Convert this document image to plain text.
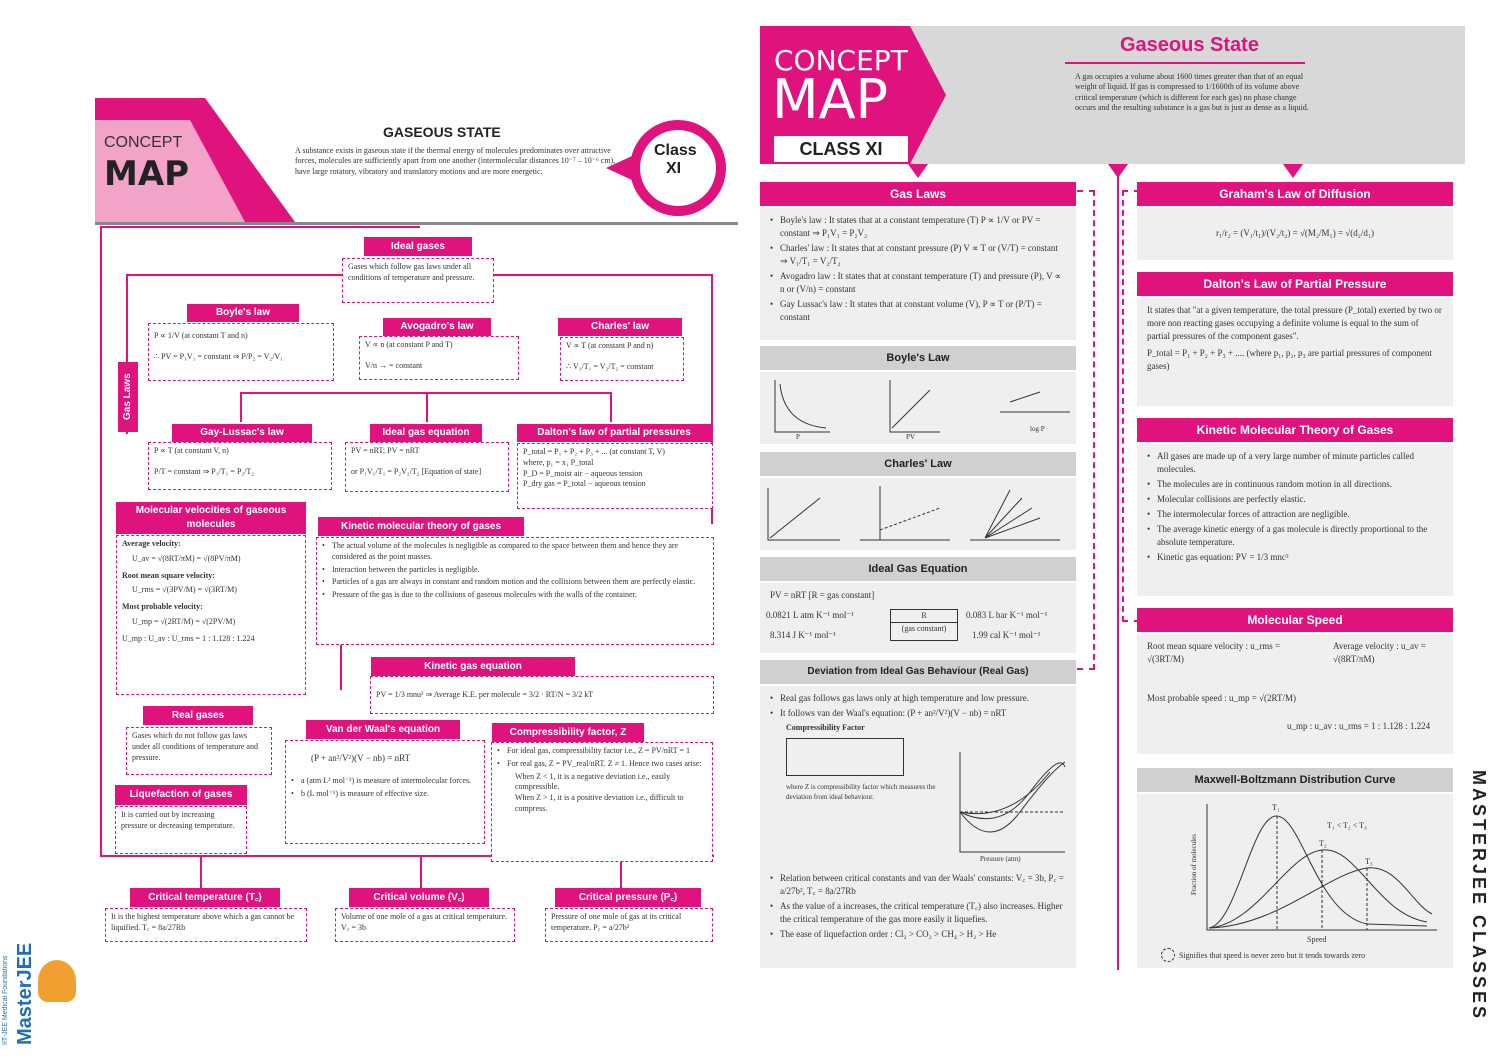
CONCEPT
MAP
GASEOUS STATE
A substance exists in gaseous state if the thermal energy of molecules predominates over attractive forces, molecules are sufficiently apart from one another (intermolecular distances 10⁻⁷ – 10⁻⁶ cm), have large rotatory, vibratory and translatory motions and are more energetic.
Class
XI
Gas Laws
Ideal gases
Gases which follow gas laws under all conditions of temperature and pressure.
Boyle's law
P ∝ 1/V (at constant T and n)
∴ PV = P₁V₁ = constant ⇒ P/P₂ = V₂/V₁
Avogadro's law
V ∝ n (at constant P and T)
V/n → = constant
Charles' law
V ∝ T (at constant P and n)
∴ V₁/T₁ = V₂/T₂ = constant
Gay-Lussac's law
P ∝ T (at constant V, n)
P/T = constant ⇒ P₁/T₁ = P₂/T₂
Ideal gas equation
PV = nRT; PV = nRT
or P₁V₁/T₁ = P₂V₂/T₂ [Equation of state]
Dalton's law of partial pressures
P_total = P₁ + P₂ + P₃ + ... (at constant T, V)
where, p₁ = x₁ P_total
P_D = P_moist air − aqueous tension
P_dry gas = P_total − aqueous tension
Molecular velocities of gaseous molecules
Average velocity:
U_av = √(8RT/πM) = √(8PV/πM)
Root mean square velocity:
U_rms = √(3PV/M) = √(3RT/M)
Most probable velocity:
U_mp = √(2RT/M) = √(2PV/M)
U_mp : U_av : U_rms = 1 : 1.128 : 1.224
Kinetic molecular theory of gases
• The actual volume of the molecules is negligible as compared to the space between them and hence they are considered as the point masses.
• Interaction between the particles is negligible.
• Particles of a gas are always in constant and random motion and the collisions between them are perfectly elastic.
• Pressure of the gas is due to the collisions of gaseous molecules with the walls of the container.
Kinetic gas equation
PV = 1/3 mnu² ⇒ Average K.E. per molecule = 3/2 · RT/N = 3/2 kT
Real gases
Gases which do not follow gas laws under all conditions of temperature and pressure.
Van der Waal's equation
(P + an²/V²)(V − nb) = nRT
• a (atm L² mol⁻²) is measure of intermolecular forces.
• b (L mol⁻¹) is measure of effective size.
Compressibility factor, Z
• For ideal gas, compressibility factor i.e., Z = PV/nRT = 1
• For real gas, Z = PV_real/nRT. Z ≠ 1. Hence two cases arise:
When Z < 1, it is a negative deviation i.e., easily compressible.
When Z > 1, it is a positive deviation i.e., difficult to compress.
Liquefaction of gases
It is carried out by increasing pressure or decreasing temperature.
Critical temperature (T꜀)
It is the highest temperature above which a gas cannot be liquified. T꜀ = 8a/27Rb
Critical volume (V꜀)
Volume of one mole of a gas at critical temperature. V꜀ = 3b
Critical pressure (P꜀)
Pressure of one mole of gas at its critical temperature. P꜀ = a/27b²
MasterJEE
IIT-JEE Medical Foundations
CONCEPT
MAP
CLASS XI
Gaseous State
A gas occupies a volume about 1600 times greater than that of an equal weight of liquid. If gas is compressed to 1/1600th of its volume above critical temperature (which is different for each gas) no phase change occurs and the resulting substance is a gas but is just as dense as a liquid.
Gas Laws
• Boyle's law : It states that at a constant temperature (T) P ∝ 1/V or PV = constant ⇒ P₁V₁ = P₂V₂
• Charles' law : It states that at constant pressure (P) V ∝ T or (V/T) = constant ⇒ V₁/T₁ = V₂/T₂
• Avogadro law : It states that at constant temperature (T) and pressure (P), V ∝ n or (V/n) = constant
• Gay Lussac's law : It states that at constant volume (V), P ∝ T or (P/T) = constant
Boyle's Law
P	PV
log P
Charles' Law
Ideal Gas Equation
PV = nRT [R = gas constant]
0.0821 L atm K⁻¹ mol⁻¹
8.314 J K⁻¹ mol⁻¹
R
(gas constant)
0.083 L bar K⁻¹ mol⁻¹
1.99 cal K⁻¹ mol⁻¹
Deviation from Ideal Gas Behaviour (Real Gas)
• Real gas follows gas laws only at high temperature and low pressure.
• It follows van der Waal's equation: (P + an²/V²)(V − nb) = nRT
Compressibility Factor
where Z is compressibility factor which measures the deviation from ideal behaviour.
Pressure (atm)
• Relation between critical constants and van der Waals' constants: V꜀ = 3b, P꜀ = a/27b², T꜀ = 8a/27Rb
• As the value of a increases, the critical temperature (T꜀) also increases. Higher the critical temperature of the gas more easily it liquefies.
• The ease of liquefaction order : Cl₂ > CO₂ > CH₄ > H₂ > He
Graham's Law of Diffusion
r₁/r₂ = (V₁/t₁)/(V₂/t₂) = √(M₂/M₁) = √(d₂/d₁)
Dalton's Law of Partial Pressure
It states that "at a given temperature, the total pressure (P_total) exerted by two or more non reacting gases occupying a definite volume is equal to the sum of partial pressures of the component gases".
P_total = P₁ + P₂ + P₃ + .... (where p₁, p₂, p₃ are partial pressures of component gases)
Kinetic Molecular Theory of Gases
• All gases are made up of a very large number of minute particles called molecules.
• The molecules are in continuous random motion in all directions.
• Molecular collisions are perfectly elastic.
• The intermolecular forces of attraction are negligible.
• The average kinetic energy of a gas molecule is directly proportional to the absolute temperature.
• Kinetic gas equation: PV = 1/3 mnc²
Molecular Speed
Root mean square velocity : u_rms = √(3RT/M)
Average velocity : u_av = √(8RT/πM)
Most probable speed : u_mp = √(2RT/M)
u_mp : u_av : u_rms = 1 : 1.128 : 1.224
Maxwell-Boltzmann Distribution Curve
Fraction of molecules
T₁ < T₂ < T₃
T₁
T₂
T₃
Speed
Signifies that speed is never zero but it tends towards zero	MASTERJEE CLASSES
